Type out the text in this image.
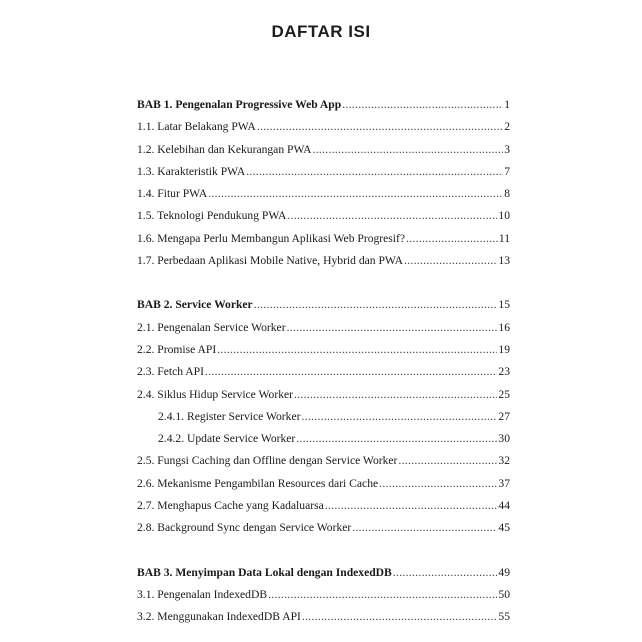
DAFTAR ISI
BAB 1. Pengenalan Progressive Web App .....	1
1.1. Latar Belakang PWA .....	2
1.2. Kelebihan dan Kekurangan PWA .....	3
1.3. Karakteristik PWA .....	7
1.4. Fitur PWA .....	8
1.5. Teknologi Pendukung PWA .....	10
1.6. Mengapa Perlu Membangun Aplikasi Web Progresif? .....	11
1.7. Perbedaan Aplikasi Mobile Native, Hybrid dan PWA .....	13
BAB 2. Service Worker .....	15
2.1. Pengenalan Service Worker .....	16
2.2. Promise API .....	19
2.3. Fetch API .....	23
2.4. Siklus Hidup Service Worker .....	25
2.4.1. Register Service Worker .....	27
2.4.2. Update Service Worker .....	30
2.5. Fungsi Caching dan Offline dengan Service Worker .....	32
2.6. Mekanisme Pengambilan Resources dari Cache .....	37
2.7. Menghapus Cache yang Kadaluarsa .....	44
2.8. Background Sync dengan Service Worker .....	45
BAB 3. Menyimpan Data Lokal dengan IndexedDB .....	49
3.1. Pengenalan IndexedDB .....	50
3.2. Menggunakan IndexedDB API .....	55
